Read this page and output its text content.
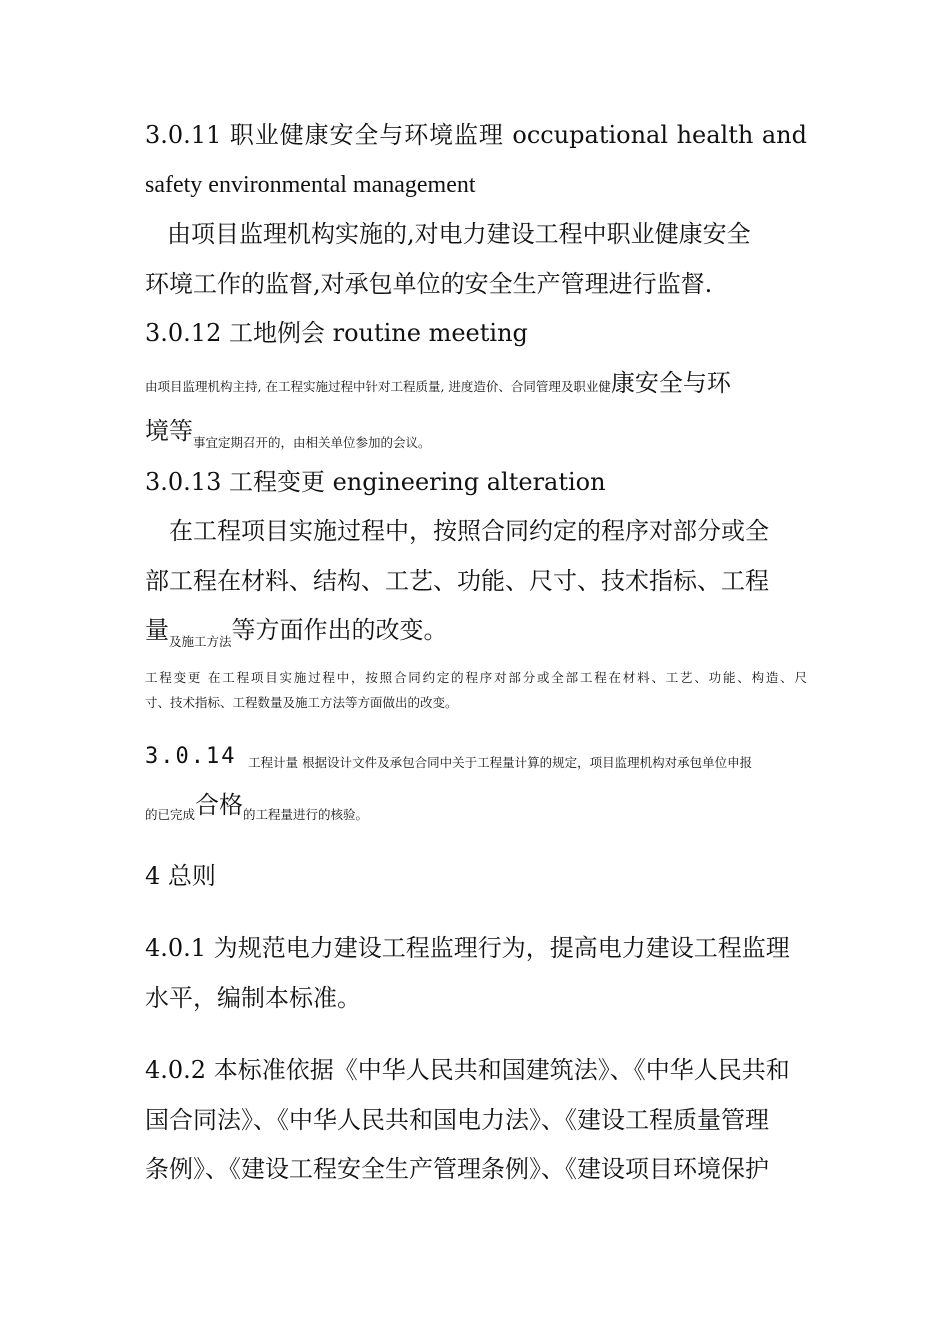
3.0.11 职业健康安全与环境监理 occupational health and
safety environmental management
由项目监理机构实施的,对电力建设工程中职业健康安全
环境工作的监督,对承包单位的安全生产管理进行监督.
3.0.12 工地例会 routine meeting
由项目监理机构主持, 在工程实施过程中针对工程质量, 进度造价、合同管理及职业健康安全与环
境等$_{事宜定期召开的,由相关单位参加的会议。}$
3.0.13 工程变更 engineering alteration
在工程项目实施过程中，按照合同约定的程序对部分或全
部工程在材料、结构、工艺、功能、尺寸、技术指标、工程
量$_{及施工方法}$等方面作出的改变。
工程变更 在工程项目实施过程中，按照合同约定的程序对部分或全部工程在材料、工艺、功能、构造、尺
寸、技术指标、工程数量及施工方法等方面做出的改变。
3.0.14 工程计量 根据设计文件及承包合同中关于工程量计算的规定，项目监理机构对承包单位申报
$_{的已完成}$合格$_{的工程量进行的核验。}$
4 总则
4.0.1 为规范电力建设工程监理行为，提高电力建设工程监理
水平，编制本标准。
4.0.2 本标准依据《中华人民共和国建筑法》、《中华人民共和
国合同法》、《中华人民共和国电力法》、《建设工程质量管理
条例》、《建设工程安全生产管理条例》、《建设项目环境保护
